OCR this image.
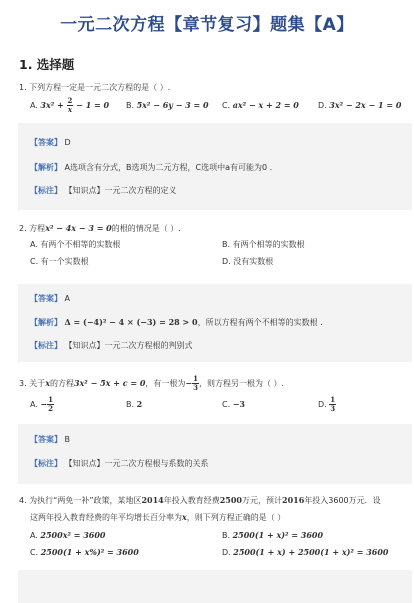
一元二次方程【章节复习】题集【A】
1. 选择题
1. 下列方程一定是一元二次方程的是（ ）.
A. $3x^2 + \frac{2}{x} - 1 = 0$ B. 5x² − 6y − 3 = 0 C. ax² − x + 2 = 0 D. 3x² − 2x − 1 = 0
【答案】 D
【解析】 A选项含有分式，B选项为二元方程，C选项中a有可能为0 .
【标注】 【知识点】一元二次方程的定义
2. 方程x² − 4x − 3 = 0的根的情况是（ ）.
A. 有两个不相等的实数根	B. 有两个相等的实数根
C. 有一个实数根	D. 没有实数根
【答案】 A
【解析】 Δ = (−4)² − 4 × (−3) = 28 > 0，所以方程有两个不相等的实数根 .
【标注】 【知识点】一元二次方程根的判别式
3. 关于x的方程3x² − 5x + c = 0，有一根为− $\frac{1}{3}$ ，则方程另一根为（ ）.
A. − $\frac{1}{2}$	B. 2	C. −3	D. $\frac{1}{3}$
【答案】 B
【标注】 【知识点】一元二次方程根与系数的关系
4. 为执行“两免一补”政策，某地区2014年投入教育经费2500万元，预计2016年投入3600万元．设
这两年投入教育经费的年平均增长百分率为x，则下列方程正确的是（ ）
A. 2500x² = 3600	B. 2500(1 + x)² = 3600
C. 2500(1 + x%)² = 3600	D. 2500(1 + x) + 2500(1 + x)² = 3600
